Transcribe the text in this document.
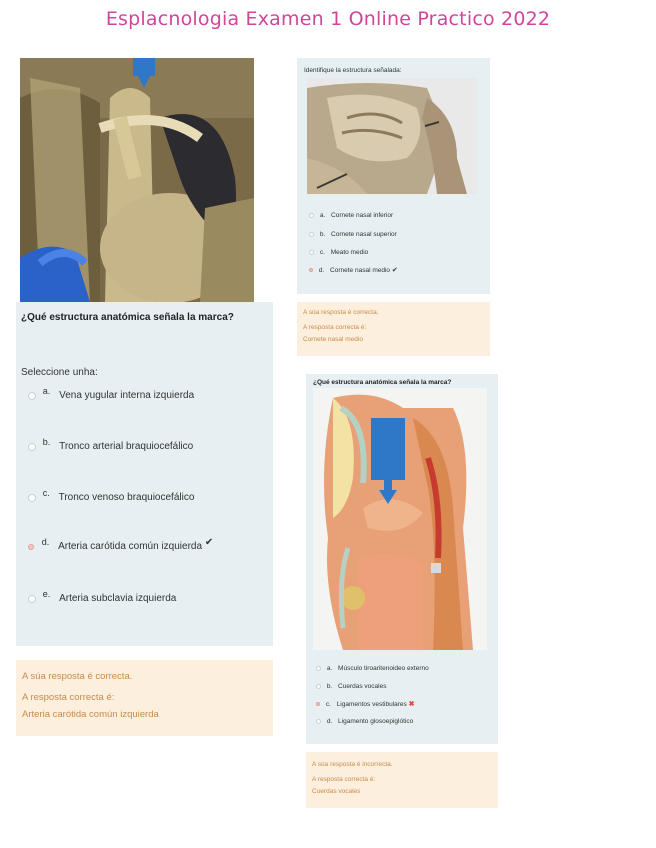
Esplacnologia Examen 1 Online Practico 2022
¿Qué estructura anatómica señala la marca?
Seleccione unha:
a. Vena yugular interna izquierda
b. Tronco arterial braquiocefálico
c. Tronco venoso braquiocefálico
d. Arteria carótida común izquierda ✔
e. Arteria subclavia izquierda
A súa resposta é correcta.
A resposta correcta é:
Arteria carótida común izquierda
Identifique la estructura señalada:
a. Cornete nasal inferior
b. Cornete nasal superior
c. Meato medio
d. Cornete nasal medio ✔
A súa resposta é correcta.
A resposta correcta é:
Cornete nasal medio
¿Qué estructura anatómica señala la marca?
a. Músculo tiroaritenoideo externo
b. Cuerdas vocales
c. Ligamentos vestibulares ✖
d. Ligamento glosoepiglótico
A súa resposta é incorrecta.
A resposta correcta é:
Cuerdas vocales
